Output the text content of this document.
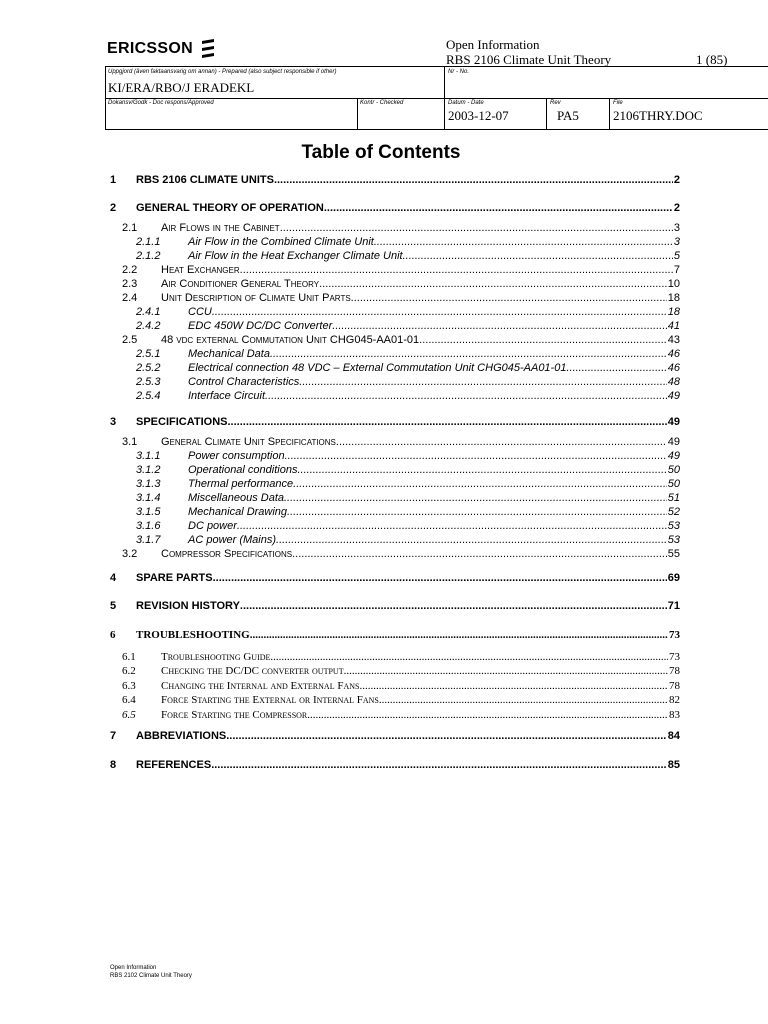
ERICSSON	Open Information
RBS 2106 Climate Unit Theory	1 (85)
Uppgjord (även faktaansvarig om annan) - Prepared (also subject responsible if other)
KI/ERA/RBO/J ERADEKL
Nr - No.
Dokansv/Godk - Doc respons/Approved	Kontr - Checked	Datum - Date
2003-12-07
Rev
PA5
File
2106THRY.DOC
Table of Contents
1	RBS 2106 CLIMATE UNITS .....	2
2	GENERAL THEORY OF OPERATION .....	2
2.1	Air Flows in the Cabinet .....	3
2.1.1	Air Flow in the Combined Climate Unit .....	3
2.1.2	Air Flow in the Heat Exchanger Climate Unit .....	5
2.2	Heat Exchanger .....	7
2.3	Air Conditioner General Theory .....	10
2.4	Unit Description of Climate Unit Parts .....	18
2.4.1	CCU .....	18
2.4.2	EDC 450W DC/DC Converter .....	41
2.5	48 vdc external Commutation Unit CHG045-AA01-01 .....	43
2.5.1	Mechanical Data .....	46
2.5.2	Electrical connection 48 VDC – External Commutation Unit CHG045-AA01-01 .....	46
2.5.3	Control Characteristics .....	48
2.5.4	Interface Circuit .....	49
3	SPECIFICATIONS .....	49
3.1	General Climate Unit Specifications .....	49
3.1.1	Power consumption .....	49
3.1.2	Operational conditions .....	50
3.1.3	Thermal performance .....	50
3.1.4	Miscellaneous Data .....	51
3.1.5	Mechanical Drawing .....	52
3.1.6	DC power .....	53
3.1.7	AC power (Mains) .....	53
3.2	Compressor Specifications .....	55
4	SPARE PARTS .....	69
5	REVISION HISTORY .....	71
6	TROUBLESHOOTING .....	73
6.1	Troubleshooting Guide .....	73
6.2	Checking the DC/DC converter output .....	78
6.3	Changing the Internal and External Fans .....	78
6.4	Force Starting the External or Internal Fans .....	82
6.5	Force Starting the Compressor .....	83
7	ABBREVIATIONS .....	84
8	REFERENCES .....	85
Open Information
RBS 2102 Climate Unit Theory
